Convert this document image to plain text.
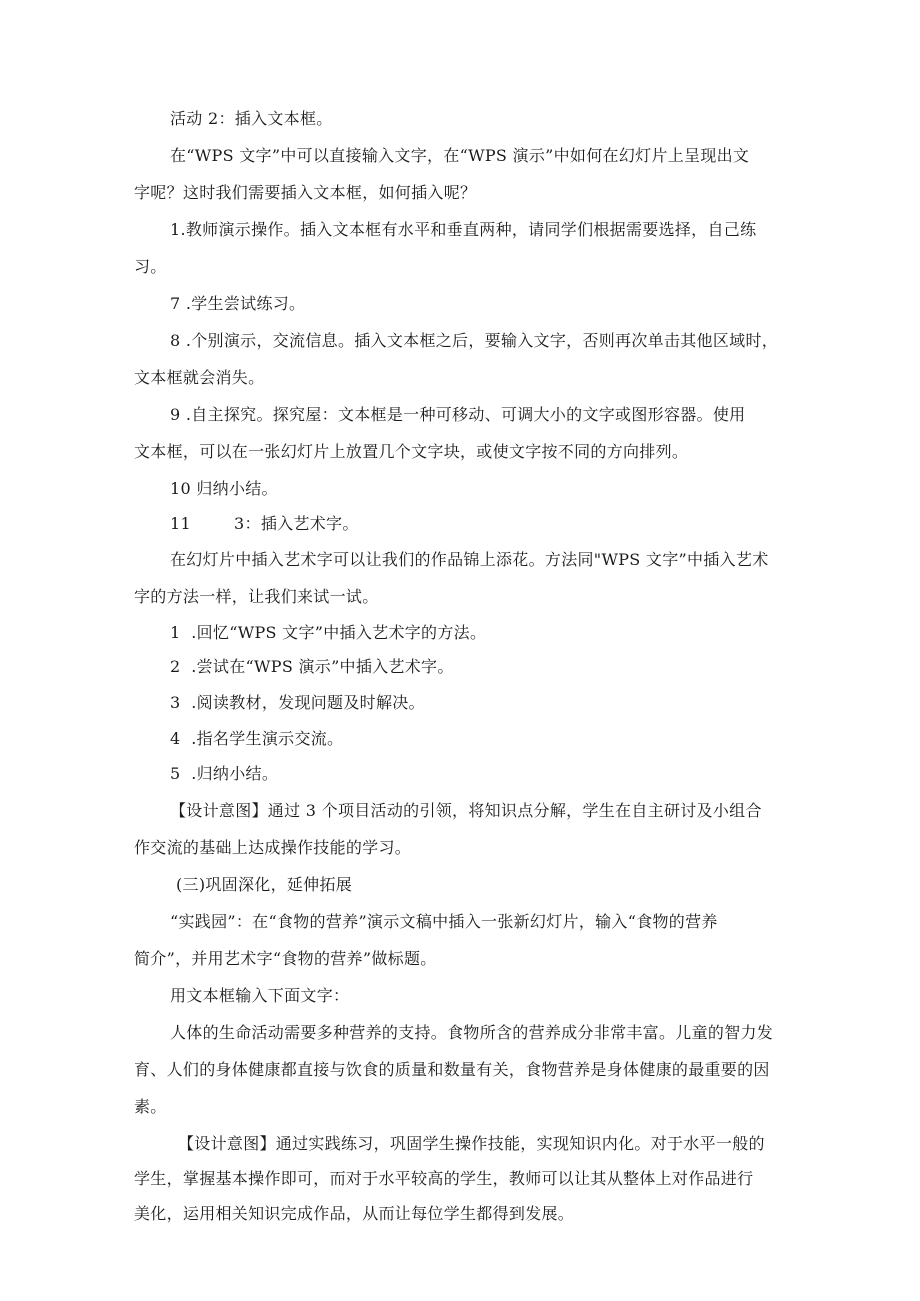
活动 2：插入文本框。

在“WPS 文字”中可以直接输入文字，在“WPS 演示”中如何在幻灯片上呈现出文
字呢？这时我们需要插入文本框，如何插入呢？

1.教师演示操作。插入文本框有水平和垂直两种，请同学们根据需要选择，自己练
习。

7 .学生尝试练习。

8 .个别演示，交流信息。插入文本框之后，要输入文字，否则再次单击其他区域时，
文本框就会消失。

9 .自主探究。探究屋：文本框是一种可移动、可调大小的文字或图形容器。使用
文本框，可以在一张幻灯片上放置几个文字块，或使文字按不同的方向排列。

10 归纳小结。

11        3：插入艺术字。

在幻灯片中插入艺术字可以让我们的作品锦上添花。方法同"WPS 文字”中插入艺术
字的方法一样，让我们来试一试。

1  .回忆“WPS 文字”中插入艺术字的方法。

2  .尝试在“WPS 演示”中插入艺术字。

3  .阅读教材，发现问题及时解决。

4  .指名学生演示交流。

5  .归纳小结。

【设计意图】通过 3 个项目活动的引领，将知识点分解，学生在自主研讨及小组合
作交流的基础上达成操作技能的学习。

(三)巩固深化，延伸拓展

“实践园”：在“食物的营养”演示文稿中插入一张新幻灯片，输入“食物的营养
简介”，并用艺术字“食物的营养”做标题。

用文本框输入下面文字：

人体的生命活动需要多种营养的支持。食物所含的营养成分非常丰富。儿童的智力发
育、人们的身体健康都直接与饮食的质量和数量有关，食物营养是身体健康的最重要的因
素。

【设计意图】通过实践练习，巩固学生操作技能，实现知识内化。对于水平一般的
学生，掌握基本操作即可，而对于水平较高的学生，教师可以让其从整体上对作品进行
美化，运用相关知识完成作品，从而让每位学生都得到发展。
